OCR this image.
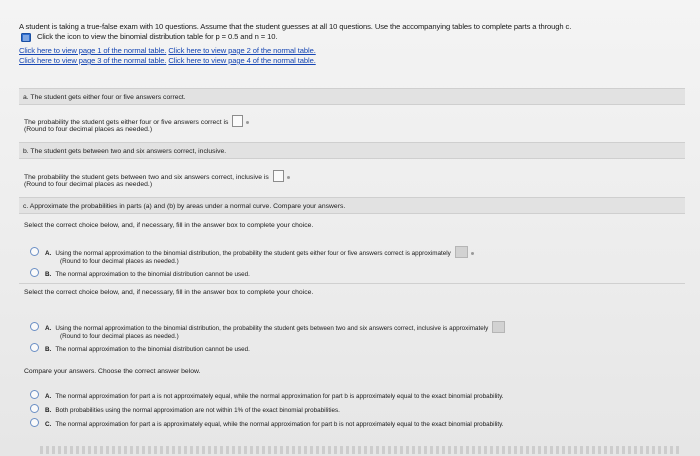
A student is taking a true-false exam with 10 questions. Assume that the student guesses at all 10 questions. Use the accompanying tables to complete parts a through c.
Click the icon to view the binomial distribution table for p = 0.5 and n = 10.
Click here to view page 1 of the normal table. Click here to view page 2 of the normal table.
Click here to view page 3 of the normal table. Click here to view page 4 of the normal table.
a. The student gets either four or five answers correct.
The probability the student gets either four or five answers correct is
(Round to four decimal places as needed.)
b. The student gets between two and six answers correct, inclusive.
The probability the student gets between two and six answers correct, inclusive is
(Round to four decimal places as needed.)
c. Approximate the probabilities in parts (a) and (b) by areas under a normal curve. Compare your answers.
Select the correct choice below, and, if necessary, fill in the answer box to complete your choice.
A. Using the normal approximation to the binomial distribution, the probability the student gets either four or five answers correct is approximately
(Round to four decimal places as needed.)
B. The normal approximation to the binomial distribution cannot be used.
Select the correct choice below, and, if necessary, fill in the answer box to complete your choice.
A. Using the normal approximation to the binomial distribution, the probability the student gets between two and six answers correct, inclusive is approximately
(Round to four decimal places as needed.)
B. The normal approximation to the binomial distribution cannot be used.
Compare your answers. Choose the correct answer below.
A. The normal approximation for part a is not approximately equal, while the normal approximation for part b is approximately equal to the exact binomial probability.
B. Both probabilities using the normal approximation are not within 1% of the exact binomial probabilities.
C. The normal approximation for part a is approximately equal, while the normal approximation for part b is not approximately equal to the exact binomial probability.
